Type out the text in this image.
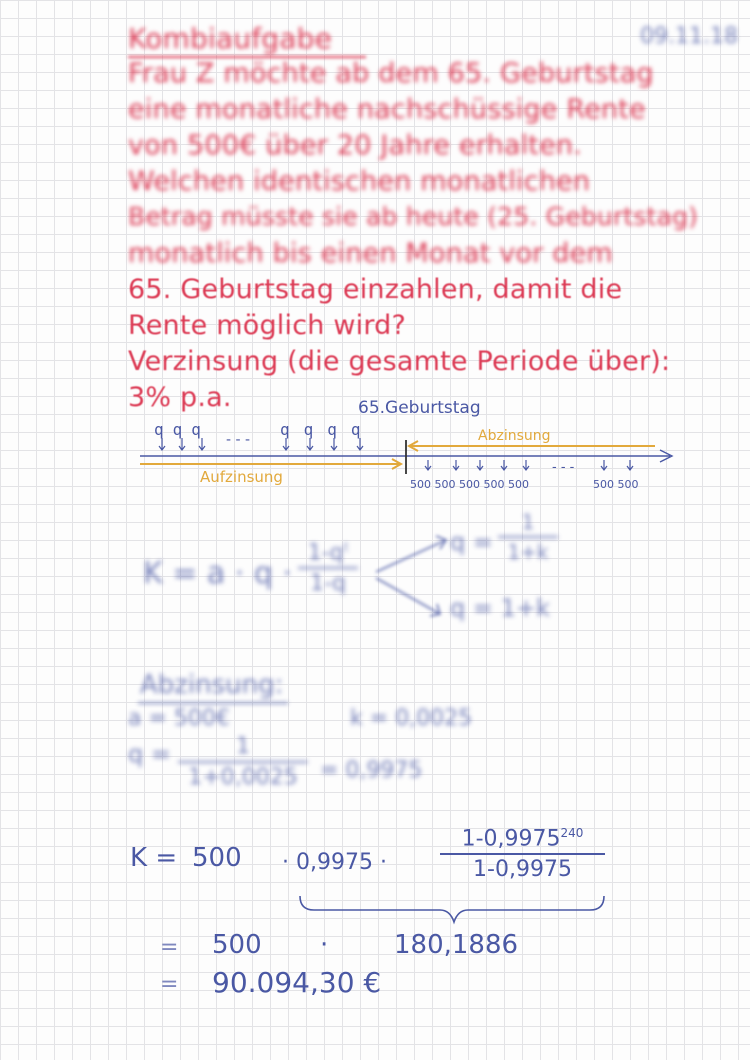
Kombiaufgabe	09.11.18
Frau Z möchte ab dem 65. Geburtstag
eine monatliche nachschüssige Rente
von 500€ über 20 Jahre erhalten.
Welchen identischen monatlichen
Betrag müsste sie ab heute (25. Geburtstag)
monatlich bis einen Monat vor dem
65. Geburtstag einzahlen, damit die
Rente möglich wird?
Verzinsung (die gesamte Periode über):
3% p.a.
qqq
- - -
qqqq
65.Geburtstag
Abzinsung
Aufzinsung	500 500 500 500 500
- - -
500 500
K = a · q ·
$1-q^t$
1-q
q =
1
1+k
q = 1+k
Abzinsung:
a = 500€	k = 0,0025
q =	1
1+0,0025	= 0,9975
K = 500 · 0,9975 ·
$1-0,9975^{240}$
1-0,9975
= 500 ·	180,1886
= 90.094,30 €
